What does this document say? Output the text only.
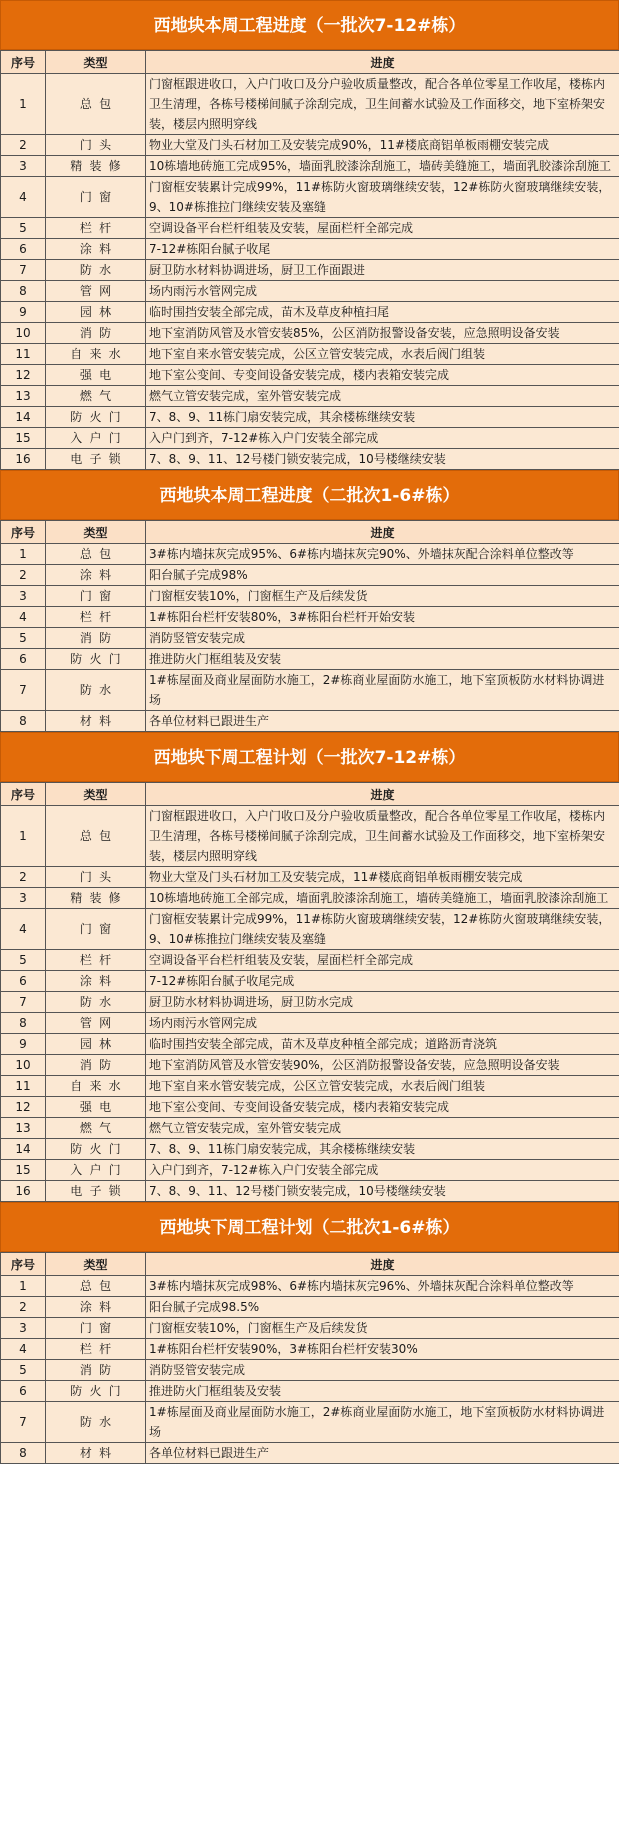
西地块本周工程进度（一批次7-12#栋）
序号	类型	进度
1	总包	门窗框跟进收口，入户门收口及分户验收质量整改，配合各单位零星工作收尾，楼栋内卫生清理，各栋号楼梯间腻子涂刮完成，卫生间蓄水试验及工作面移交，地下室桥架安装，楼层内照明穿线
2	门头	物业大堂及门头石材加工及安装完成90%，11#楼底商铝单板雨棚安装完成
3	精装修	10栋墙地砖施工完成95%，墙面乳胶漆涂刮施工，墙砖美缝施工，墙面乳胶漆涂刮施工
4	门窗	门窗框安装累计完成99%，11#栋防火窗玻璃继续安装，12#栋防火窗玻璃继续安装，9、10#栋推拉门继续安装及塞缝
5	栏杆	空调设备平台栏杆组装及安装，屋面栏杆全部完成
6	涂料	7-12#栋阳台腻子收尾
7	防水	厨卫防水材料协调进场，厨卫工作面跟进
8	管网	场内雨污水管网完成
9	园林	临时围挡安装全部完成，苗木及草皮种植扫尾
10	消防	地下室消防风管及水管安装85%，公区消防报警设备安装，应急照明设备安装
11	自来水	地下室自来水管安装完成，公区立管安装完成，水表后阀门组装
12	强电	地下室公变间、专变间设备安装完成，楼内表箱安装完成
13	燃气	燃气立管安装完成，室外管安装完成
14	防火门	7、8、9、11栋门扇安装完成，其余楼栋继续安装
15	入户门	入户门到齐，7-12#栋入户门安装全部完成
16	电子锁	7、8、9、11、12号楼门锁安装完成，10号楼继续安装
西地块本周工程进度（二批次1-6#栋）
序号	类型	进度
1	总包	3#栋内墙抹灰完成95%、6#栋内墙抹灰完90%、外墙抹灰配合涂料单位整改等
2	涂料	阳台腻子完成98%
3	门窗	门窗框安装10%，门窗框生产及后续发货
4	栏杆	1#栋阳台栏杆安装80%，3#栋阳台栏杆开始安装
5	消防	消防竖管安装完成
6	防火门	推进防火门框组装及安装
7	防水	1#栋屋面及商业屋面防水施工，2#栋商业屋面防水施工，地下室顶板防水材料协调进场
8	材料	各单位材料已跟进生产
西地块下周工程计划（一批次7-12#栋）
序号	类型	进度
1	总包	门窗框跟进收口，入户门收口及分户验收质量整改，配合各单位零星工作收尾，楼栋内卫生清理，各栋号楼梯间腻子涂刮完成，卫生间蓄水试验及工作面移交，地下室桥架安装，楼层内照明穿线
2	门头	物业大堂及门头石材加工及安装完成，11#楼底商铝单板雨棚安装完成
3	精装修	10栋墙地砖施工全部完成，墙面乳胶漆涂刮施工，墙砖美缝施工，墙面乳胶漆涂刮施工
4	门窗	门窗框安装累计完成99%，11#栋防火窗玻璃继续安装，12#栋防火窗玻璃继续安装，9、10#栋推拉门继续安装及塞缝
5	栏杆	空调设备平台栏杆组装及安装，屋面栏杆全部完成
6	涂料	7-12#栋阳台腻子收尾完成
7	防水	厨卫防水材料协调进场，厨卫防水完成
8	管网	场内雨污水管网完成
9	园林	临时围挡安装全部完成，苗木及草皮种植全部完成；道路沥青浇筑
10	消防	地下室消防风管及水管安装90%，公区消防报警设备安装，应急照明设备安装
11	自来水	地下室自来水管安装完成，公区立管安装完成，水表后阀门组装
12	强电	地下室公变间、专变间设备安装完成，楼内表箱安装完成
13	燃气	燃气立管安装完成，室外管安装完成
14	防火门	7、8、9、11栋门扇安装完成，其余楼栋继续安装
15	入户门	入户门到齐，7-12#栋入户门安装全部完成
16	电子锁	7、8、9、11、12号楼门锁安装完成，10号楼继续安装
西地块下周工程计划（二批次1-6#栋）
序号	类型	进度
1	总包	3#栋内墙抹灰完成98%、6#栋内墙抹灰完96%、外墙抹灰配合涂料单位整改等
2	涂料	阳台腻子完成98.5%
3	门窗	门窗框安装10%，门窗框生产及后续发货
4	栏杆	1#栋阳台栏杆安装90%，3#栋阳台栏杆安装30%
5	消防	消防竖管安装完成
6	防火门	推进防火门框组装及安装
7	防水	1#栋屋面及商业屋面防水施工，2#栋商业屋面防水施工，地下室顶板防水材料协调进场
8	材料	各单位材料已跟进生产
